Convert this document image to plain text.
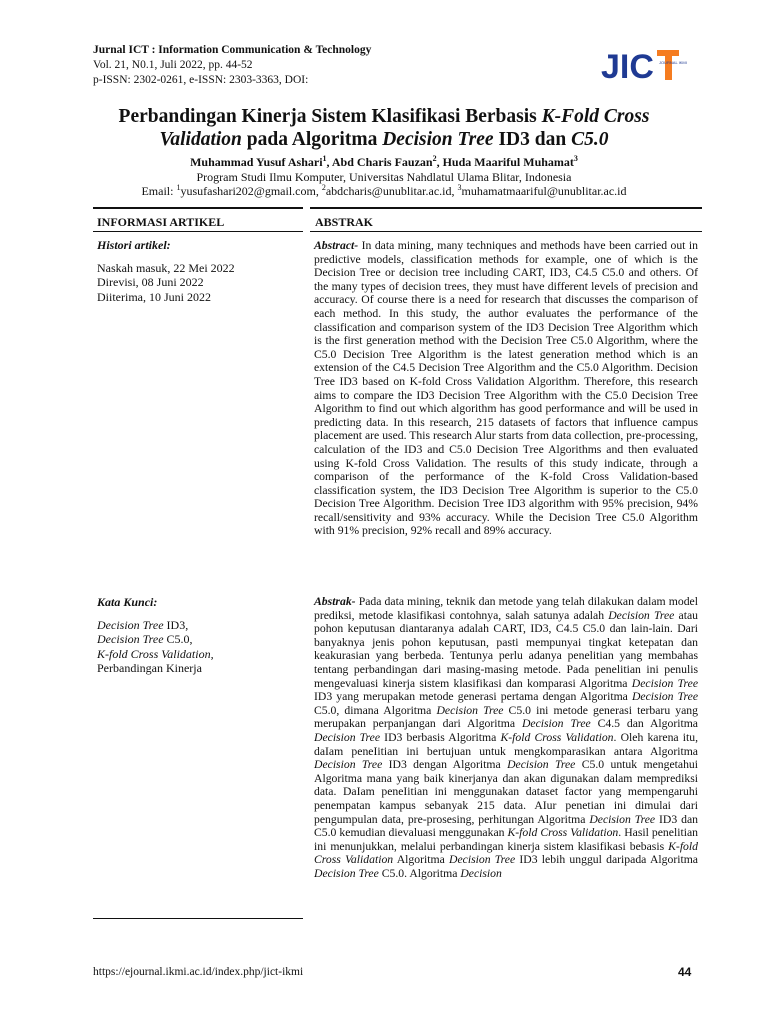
Jurnal ICT : Information Communication & Technology
Vol. 21, N0.1, Juli 2022, pp. 44-52
p-ISSN: 2302-0261, e-ISSN: 2303-3363, DOI:	JIC JOURNAL IKMI
Perbandingan Kinerja Sistem Klasifikasi Berbasis K-Fold Cross Validation pada Algoritma Decision Tree ID3 dan C5.0
Muhammad Yusuf Ashari$^1$, Abd Charis Fauzan$^2$, Huda Maariful Muhamat$^3$
Program Studi Ilmu Komputer, Universitas Nahdlatul Ulama Blitar, Indonesia
Email: $^1$yusufashari202@gmail.com, $^2$abdcharis@unublitar.ac.id, $^3$muhamatmaariful@unublitar.ac.id
INFORMASI ARTIKEL	ABSTRAK
Histori artikel:
Naskah masuk, 22 Mei 2022
Direvisi, 08 Juni 2022
Diiterima, 10 Juni 2022
Abstract- In data mining, many techniques and methods have been carried out in predictive models, classification methods for example, one of which is the Decision Tree or decision tree including CART, ID3, C4.5 C5.0 and others. Of the many types of decision trees, they must have different levels of precision and accuracy. Of course there is a need for research that discusses the comparison of each method. In this study, the author evaluates the performance of the classification and comparison system of the ID3 Decision Tree Algorithm which is the first generation method with the Decision Tree C5.0 Algorithm, where the C5.0 Decision Tree Algorithm is the latest generation method which is an extension of the C4.5 Decision Tree Algorithm and the C5.0 Algorithm. Decision Tree ID3 based on K-fold Cross Validation Algorithm. Therefore, this research aims to compare the ID3 Decision Tree Algorithm with the C5.0 Decision Tree Algorithm to find out which algorithm has good performance and will be used in predicting data. In this research, 215 datasets of factors that influence campus placement are used. This research Alur starts from data collection, pre-processing, calculation of the ID3 and C5.0 Decision Tree Algorithms and then evaluated using K-fold Cross Validation. The results of this study indicate, through a comparison of the performance of the K-fold Cross Validation-based classification system, the ID3 Decision Tree Algorithm is superior to the C5.0 Decision Tree Algorithm. Decision Tree ID3 algorithm with 95% precision, 94% recall/sensitivity and 93% accuracy. While the Decision Tree C5.0 Algorithm with 91% precision, 92% recall and 89% accuracy.
Kata Kunci:
Decision Tree ID3,
Decision Tree C5.0,
K-fold Cross Validation,
Perbandingan Kinerja
Abstrak- Pada data mining, teknik dan metode yang telah dilakukan dalam model prediksi, metode klasifikasi contohnya, salah satunya adalah Decision Tree atau pohon keputusan diantaranya adalah CART, ID3, C4.5 C5.0 dan lain-lain. Dari banyaknya jenis pohon keputusan, pasti mempunyai tingkat ketepatan dan keakurasian yang berbeda. Tentunya perlu adanya penelitian yang membahas tentang perbandingan dari masing-masing metode. Pada penelitian ini penulis mengevaluasi kinerja sistem klasifikasi dan komparasi Algoritma Decision Tree ID3 yang merupakan metode generasi pertama dengan Algoritma Decision Tree C5.0, dimana Algoritma Decision Tree C5.0 ini metode generasi terbaru yang merupakan perpanjangan dari Algoritma Decision Tree C4.5 dan Algoritma Decision Tree ID3 berbasis Algoritma K-fold Cross Validation. Oleh karena itu, daIam peneIitian ini bertujuan untuk mengkomparasikan antara Algoritma Decision Tree ID3 dengan Algoritma Decision Tree C5.0 untuk mengetahui Algoritma mana yang baik kinerjanya dan akan digunakan dalam memprediksi data. DaIam peneIitian ini menggunakan dataset factor yang mempengaruhi penempatan kampus sebanyak 215 data. AIur penetian ini dimulai dari pengumpulan data, pre-prosesing, perhitungan Algoritma Decision Tree ID3 dan C5.0 kemudian dievaluasi menggunakan K-fold Cross Validation. Hasil penelitian ini menunjukkan, melalui perbandingan kinerja sistem klasifikasi bebasis K-fold Cross Validation Algoritma Decision Tree ID3 lebih unggul daripada Algoritma Decision Tree C5.0. Algoritma Decision
https://ejournal.ikmi.ac.id/index.php/jict-ikmi	44
